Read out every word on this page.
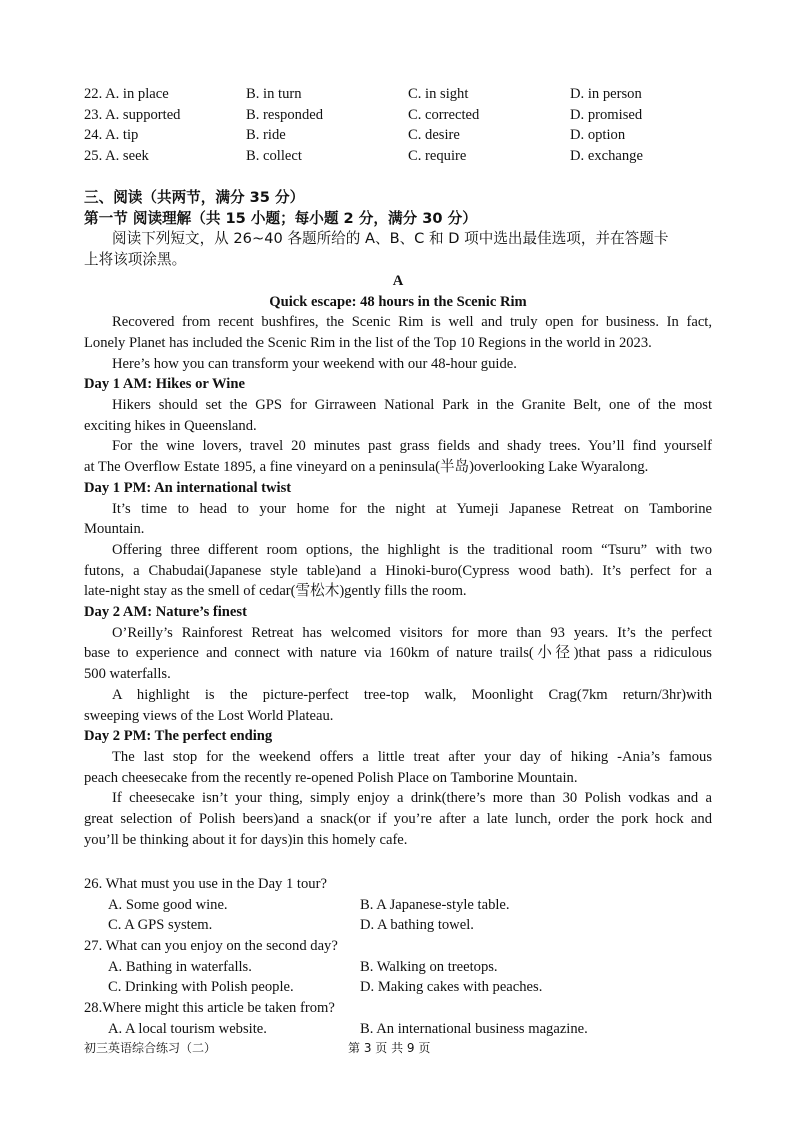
22. A. in place	B. in turn	C. in sight	D. in person
23. A. supported	B. responded	C. corrected	D. promised
24. A. tip	B. ride	C. desire	D. option
25. A. seek	B. collect	C. require	D. exchange
三、阅读（共两节，满分 35 分）
第一节 阅读理解（共 15 小题；每小题 2 分，满分 30 分）
阅读下列短文，从 26~40 各题所给的 A、B、C 和 D 项中选出最佳选项，并在答题卡
上将该项涂黑。
A
Quick escape: 48 hours in the Scenic Rim
Recovered from recent bushfires, the Scenic Rim is well and truly open for business. In fact,
Lonely Planet has included the Scenic Rim in the list of the Top 10 Regions in the world in 2023.
Here’s how you can transform your weekend with our 48-hour guide.
Day 1 AM: Hikes or Wine
Hikers should set the GPS for Girraween National Park in the Granite Belt, one of the most
exciting hikes in Queensland.
For the wine lovers, travel 20 minutes past grass fields and shady trees. You’ll find yourself
at The Overflow Estate 1895, a fine vineyard on a peninsula(半岛)overlooking Lake Wyaralong.
Day 1 PM: An international twist
It’s time to head to your home for the night at Yumeji Japanese Retreat on Tamborine
Mountain.
Offering three different room options, the highlight is the traditional room “Tsuru” with two
futons, a Chabudai(Japanese style table)and a Hinoki-buro(Cypress wood bath). It’s perfect for a
late-night stay as the smell of cedar(雪松木)gently fills the room.
Day 2 AM: Nature’s finest
O’Reilly’s Rainforest Retreat has welcomed visitors for more than 93 years. It’s the perfect
base to experience and connect with nature via 160km of nature trails(小径)that pass a ridiculous
500 waterfalls.
A highlight is the picture-perfect tree-top walk, Moonlight Crag(7km return/3hr)with
sweeping views of the Lost World Plateau.
Day 2 PM: The perfect ending
The last stop for the weekend offers a little treat after your day of hiking -Ania’s famous
peach cheesecake from the recently re-opened Polish Place on Tamborine Mountain.
If cheesecake isn’t your thing, simply enjoy a drink(there’s more than 30 Polish vodkas and a
great selection of Polish beers)and a snack(or if you’re after a late lunch, order the pork hock and
you’ll be thinking about it for days)in this homely cafe.
26. What must you use in the Day 1 tour?
A. Some good wine.	B. A Japanese-style table.
C. A GPS system.	D. A bathing towel.
27. What can you enjoy on the second day?
A. Bathing in waterfalls.	B. Walking on treetops.
C. Drinking with Polish people.	D. Making cakes with peaches.
28.Where might this article be taken from?
A. A local tourism website.	B. An international business magazine.
初三英语综合练习（二）	第 3 页 共 9 页
